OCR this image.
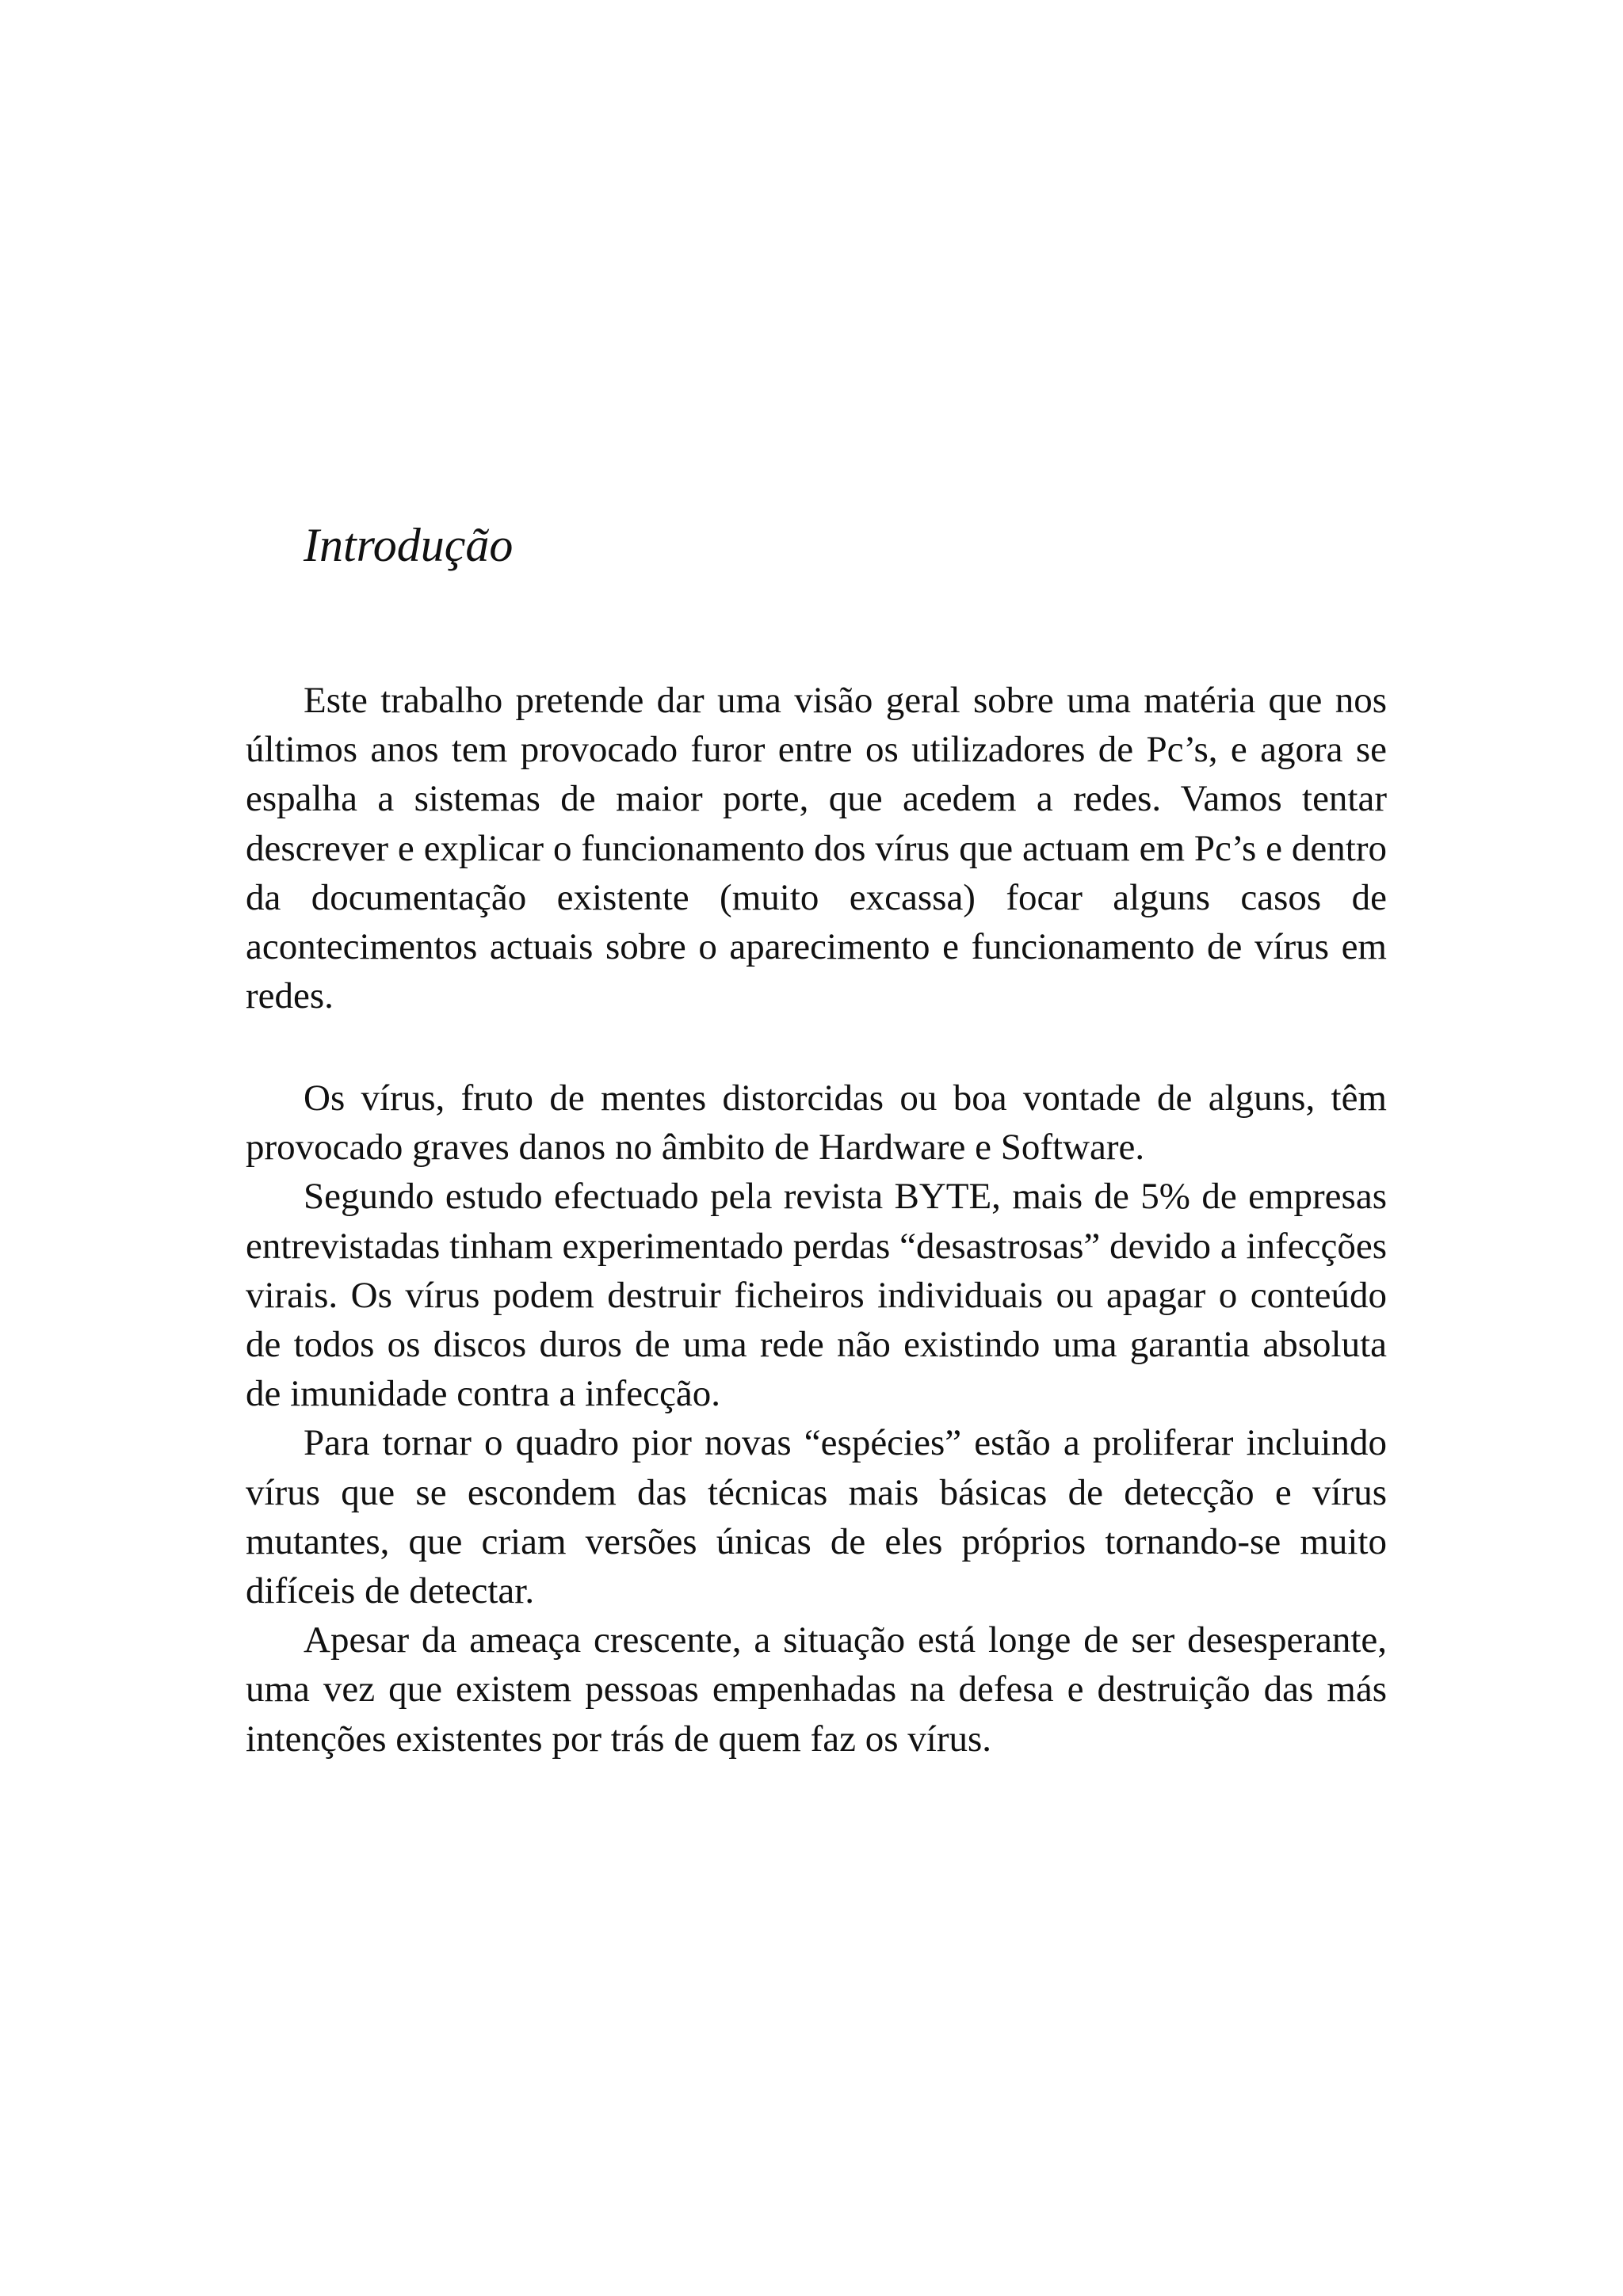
Introdução

Este trabalho pretende dar uma visão geral sobre uma matéria que nos últimos anos tem provocado furor entre os utilizadores de Pc’s, e agora se espalha a sistemas de maior porte, que acedem a redes. Vamos tentar descrever e explicar o funcionamento dos vírus que actuam em Pc’s e dentro da documentação existente (muito excassa) focar alguns casos de acontecimentos actuais sobre o aparecimento e funcionamento de vírus em redes.

Os vírus, fruto de mentes distorcidas ou boa vontade de alguns, têm provocado graves danos no âmbito de Hardware e Software.

Segundo estudo efectuado pela revista BYTE, mais de 5% de empresas entrevistadas tinham experimentado perdas “desastrosas” devido a infecções virais. Os vírus podem destruir ficheiros individuais ou apagar o conteúdo de todos os discos duros de uma rede não existindo uma garantia absoluta de imunidade contra a infecção.

Para tornar o quadro pior novas “espécies” estão a proliferar incluindo vírus que se escondem das técnicas mais básicas de detecção e vírus mutantes, que criam versões únicas de eles próprios tornando-se muito difíceis de detectar.

Apesar da ameaça crescente, a situação está longe de ser desesperante, uma vez que existem pessoas empenhadas na defesa e destruição das más intenções existentes por trás de quem faz os vírus.
